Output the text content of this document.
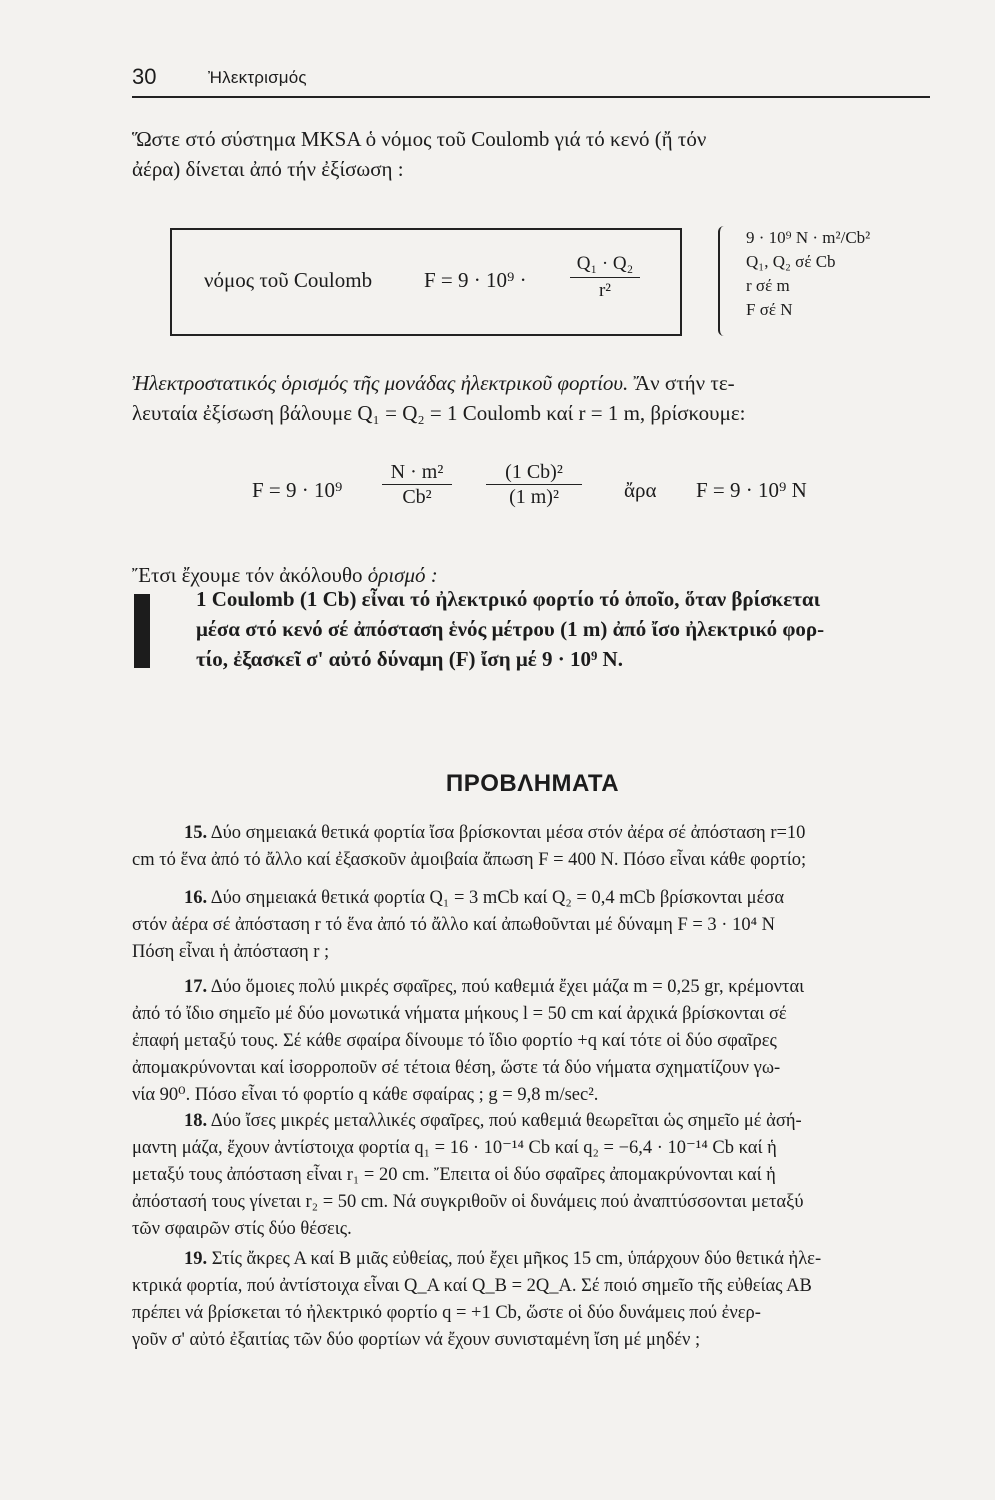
30	Ἠλεκτρισμός
Ὥστε στό σύστημα MKSA ὁ νόμος τοῦ Coulomb γιά τό κενό (ἤ τόν
ἀέρα) δίνεται ἀπό τήν ἐξίσωση :
νόμος τοῦ Coulomb F = 9 · 10⁹ ·
Q₁ · Q₂
r²
9 · 10⁹ N · m²/Cb²
Q₁, Q₂ σέ Cb
r σέ m
F σέ N
Ἠλεκτροστατικός ὁρισμός τῆς μονάδας ἠλεκτρικοῦ φορτίου. Ἄν στήν τε-
λευταία ἐξίσωση βάλουμε Q₁ = Q₂ = 1 Coulomb καί r = 1 m, βρίσκουμε:
F = 9 · 10⁹
N · m²
Cb²
(1 Cb)²
(1 m)²	ἄρα F = 9 · 10⁹ N
Ἔτσι ἔχουμε τόν ἀκόλουθο ὁρισμό :
1 Coulomb (1 Cb) εἶναι τό ἠλεκτρικό φορτίο τό ὁποῖο, ὅταν βρίσκεται
μέσα στό κενό σέ ἀπόσταση ἑνός μέτρου (1 m) ἀπό ἴσο ἠλεκτρικό φορ-
τίο, ἐξασκεῖ σ' αὐτό δύναμη (F) ἴση μέ 9 · 10⁹ N.
ΠΡΟΒΛΗΜΑΤΑ
15. Δύο σημειακά θετικά φορτία ἴσα βρίσκονται μέσα στόν ἀέρα σέ ἀπόσταση r=10
cm τό ἕνα ἀπό τό ἄλλο καί ἐξασκοῦν ἀμοιβαία ἄπωση F = 400 N. Πόσο εἶναι κάθε φορτίο;
16. Δύο σημειακά θετικά φορτία Q₁ = 3 mCb καί Q₂ = 0,4 mCb βρίσκονται μέσα
στόν ἀέρα σέ ἀπόσταση r τό ἕνα ἀπό τό ἄλλο καί ἀπωθοῦνται μέ δύναμη F = 3 · 10⁴ N
Πόση εἶναι ἡ ἀπόσταση r ;
17. Δύο ὅμοιες πολύ μικρές σφαῖρες, πού καθεμιά ἔχει μάζα m = 0,25 gr, κρέμονται
ἀπό τό ἴδιο σημεῖο μέ δύο μονωτικά νήματα μήκους l = 50 cm καί ἀρχικά βρίσκονται σέ
ἐπαφή μεταξύ τους. Σέ κάθε σφαίρα δίνουμε τό ἴδιο φορτίο +q καί τότε οἱ δύο σφαῖρες
ἀπομακρύνονται καί ἰσορροποῦν σέ τέτοια θέση, ὥστε τά δύο νήματα σχηματίζουν γω-
νία 90⁰. Πόσο εἶναι τό φορτίο q κάθε σφαίρας ; g = 9,8 m/sec².
18. Δύο ἴσες μικρές μεταλλικές σφαῖρες, πού καθεμιά θεωρεῖται ὡς σημεῖο μέ ἀσή-
μαντη μάζα, ἔχουν ἀντίστοιχα φορτία q₁ = 16 · 10⁻¹⁴ Cb καί q₂ = −6,4 · 10⁻¹⁴ Cb καί ἡ
μεταξύ τους ἀπόσταση εἶναι r₁ = 20 cm. Ἔπειτα οἱ δύο σφαῖρες ἀπομακρύνονται καί ἡ
ἀπόστασή τους γίνεται r₂ = 50 cm. Νά συγκριθοῦν οἱ δυνάμεις πού ἀναπτύσσονται μεταξύ
τῶν σφαιρῶν στίς δύο θέσεις.
19. Στίς ἄκρες Α καί Β μιᾶς εὐθείας, πού ἔχει μῆκος 15 cm, ὑπάρχουν δύο θετικά ἠλε-
κτρικά φορτία, πού ἀντίστοιχα εἶναι Q_A καί Q_B = 2Q_A. Σέ ποιό σημεῖο τῆς εὐθείας ΑΒ
πρέπει νά βρίσκεται τό ἠλεκτρικό φορτίο q = +1 Cb, ὥστε οἱ δύο δυνάμεις πού ἐνερ-
γοῦν σ' αὐτό ἐξαιτίας τῶν δύο φορτίων νά ἔχουν συνισταμένη ἴση μέ μηδέν ;
